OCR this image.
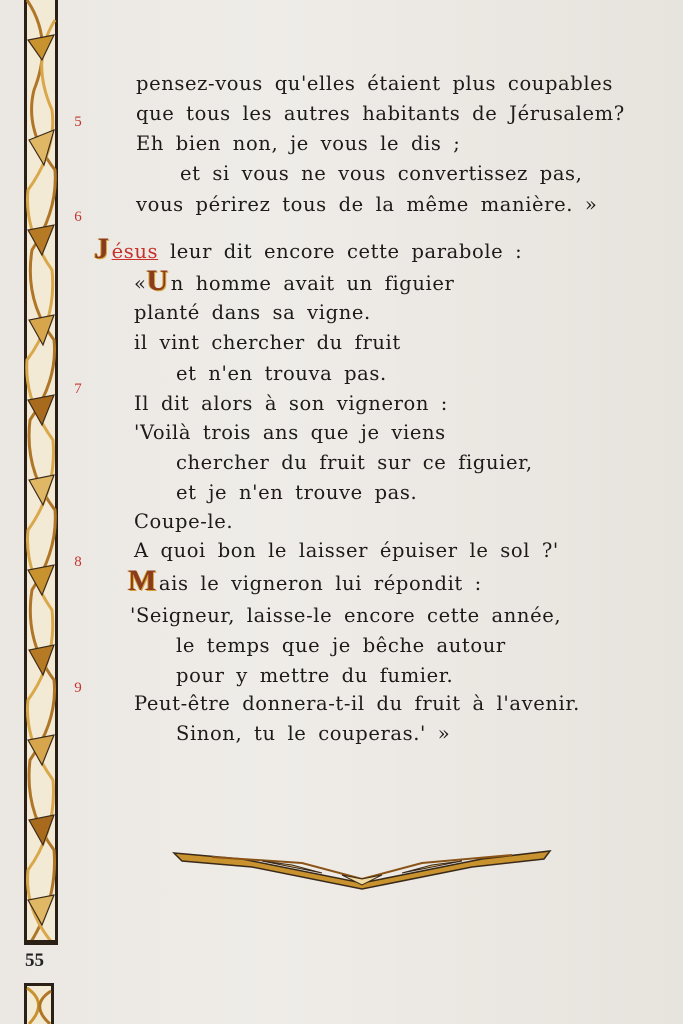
5
6
7
8
9
pensez-vous qu'elles étaient plus coupables
que tous les autres habitants de Jérusalem?
Eh bien non, je vous le dis ;
et si vous ne vous convertissez pas,
vous périrez tous de la même manière. »
Jésus leur dit encore cette parabole :
«U n homme avait un figuier
planté dans sa vigne.
il vint chercher du fruit
et n'en trouva pas.
Il dit alors à son vigneron :
'Voilà trois ans que je viens
chercher du fruit sur ce figuier,
et je n'en trouve pas.
Coupe-le.
A quoi bon le laisser épuiser le sol ?'
Mais le vigneron lui répondit :
'Seigneur, laisse-le encore cette année,
le temps que je bêche autour
pour y mettre du fumier.
Peut-être donnera-t-il du fruit à l'avenir.
Sinon, tu le couperas.' »
55
